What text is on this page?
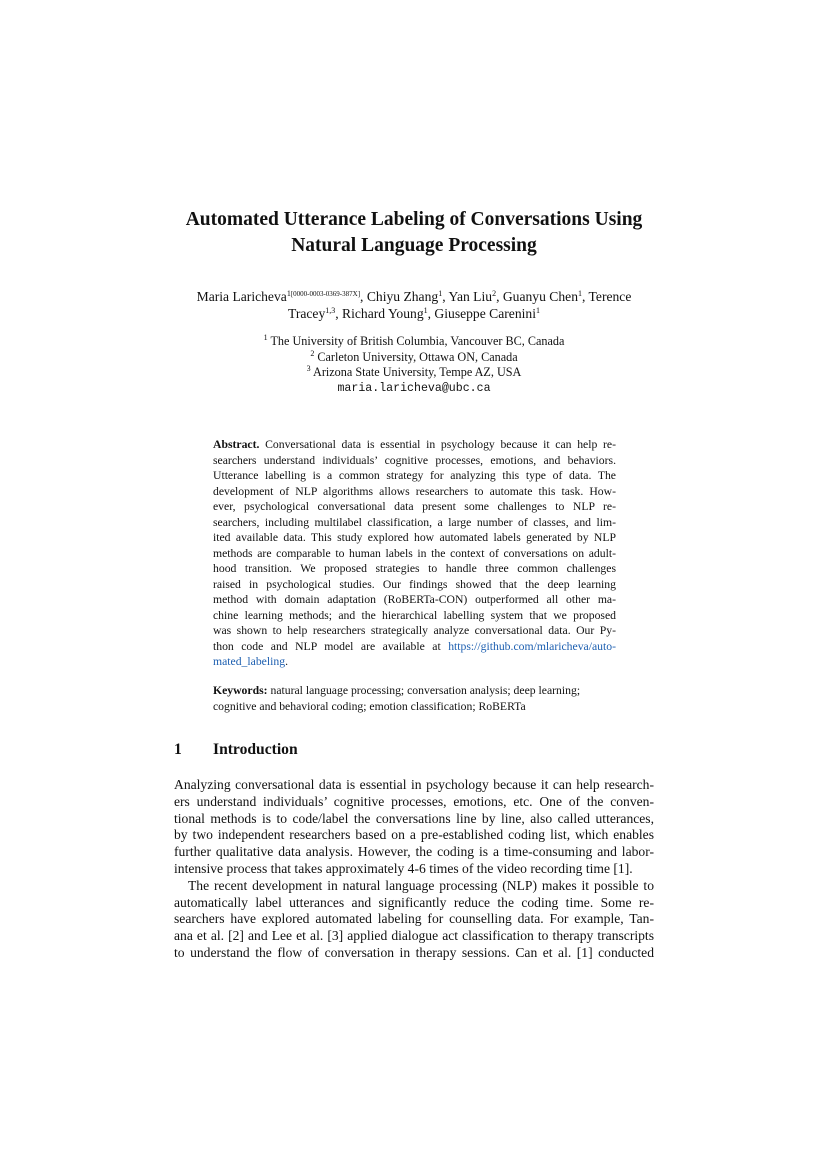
Automated Utterance Labeling of Conversations Using
Natural Language Processing
Maria Laricheva$^{1[0000-0003-0369-387X]}$, Chiyu Zhang$^1$, Yan Liu$^2$, Guanyu Chen$^1$, Terence
Tracey$^{1,3}$, Richard Young$^1$, Giuseppe Carenini$^1$
$^1$ The University of British Columbia, Vancouver BC, Canada
$^2$ Carleton University, Ottawa ON, Canada
$^3$ Arizona State University, Tempe AZ, USA
maria.laricheva@ubc.ca
Abstract. Conversational data is essential in psychology because it can help re-
searchers understand individuals’ cognitive processes, emotions, and behaviors.
Utterance labelling is a common strategy for analyzing this type of data. The
development of NLP algorithms allows researchers to automate this task. How-
ever, psychological conversational data present some challenges to NLP re-
searchers, including multilabel classification, a large number of classes, and lim-
ited available data. This study explored how automated labels generated by NLP
methods are comparable to human labels in the context of conversations on adult-
hood transition. We proposed strategies to handle three common challenges
raised in psychological studies. Our findings showed that the deep learning
method with domain adaptation (RoBERTa-CON) outperformed all other ma-
chine learning methods; and the hierarchical labelling system that we proposed
was shown to help researchers strategically analyze conversational data. Our Py-
thon code and NLP model are available at https://github.com/mlaricheva/auto-
mated_labeling.
Keywords: natural language processing; conversation analysis; deep learning;
cognitive and behavioral coding; emotion classification; RoBERTa
1 Introduction
Analyzing conversational data is essential in psychology because it can help research-
ers understand individuals’ cognitive processes, emotions, etc. One of the conven-
tional methods is to code/label the conversations line by line, also called utterances,
by two independent researchers based on a pre-established coding list, which enables
further qualitative data analysis. However, the coding is a time-consuming and labor-
intensive process that takes approximately 4-6 times of the video recording time [1].
The recent development in natural language processing (NLP) makes it possible to
automatically label utterances and significantly reduce the coding time. Some re-
searchers have explored automated labeling for counselling data. For example, Tan-
ana et al. [2] and Lee et al. [3] applied dialogue act classification to therapy transcripts
to understand the flow of conversation in therapy sessions. Can et al. [1] conducted
